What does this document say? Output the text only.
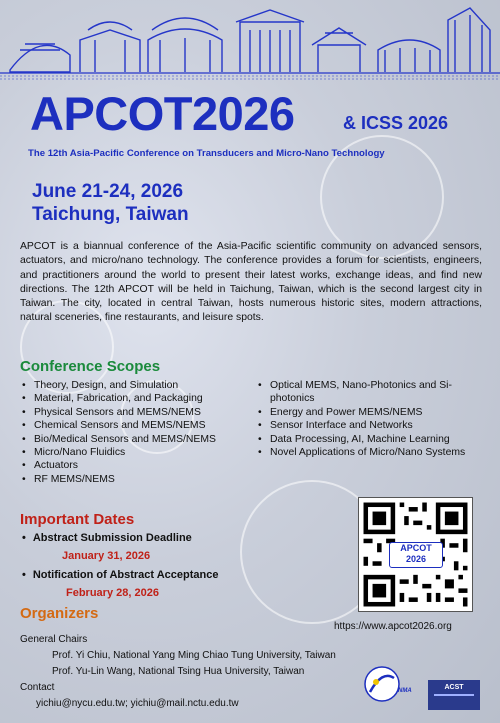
APCOT2026	& ICSS 2026
The 12th Asia-Pacific Conference on Transducers and Micro-Nano Technology
June 21-24, 2026
Taichung, Taiwan
APCOT is a biannual conference of the Asia-Pacific scientific community on advanced sensors, actuators, and micro/nano technology. The conference provides a forum for scientists, engineers, and practitioners around the world to present their latest works, exchange ideas, and find new directions. The 12th APCOT will be held in Taichung, Taiwan, which is the second largest city in Taiwan. The city, located in central Taiwan, hosts numerous historic sites, modern attractions, natural sceneries, fine restaurants, and leisure spots.
Conference Scopes
• Theory, Design, and Simulation
• Material, Fabrication, and Packaging
• Physical Sensors and MEMS/NEMS
• Chemical Sensors and MEMS/NEMS
• Bio/Medical Sensors and MEMS/NEMS
• Micro/Nano Fluidics
• Actuators
• RF MEMS/NEMS
• Optical MEMS, Nano-Photonics and Si-photonics
• Energy and Power MEMS/NEMS
• Sensor Interface and Networks
• Data Processing, AI, Machine Learning
• Novel Applications of Micro/Nano Systems
Important Dates
• Abstract Submission Deadline
January 31, 2026
• Notification of Abstract Acceptance
February 28, 2026
APCOT
2026
https://www.apcot2026.org
Organizers
General Chairs
Prof. Yi Chiu, National Yang Ming Chiao Tung University, Taiwan
Prof. Yu-Lin Wang, National Tsing Hua University, Taiwan
Contact
yichiu@nycu.edu.tw; yichiu@mail.nctu.edu.tw
NMA	ACST
